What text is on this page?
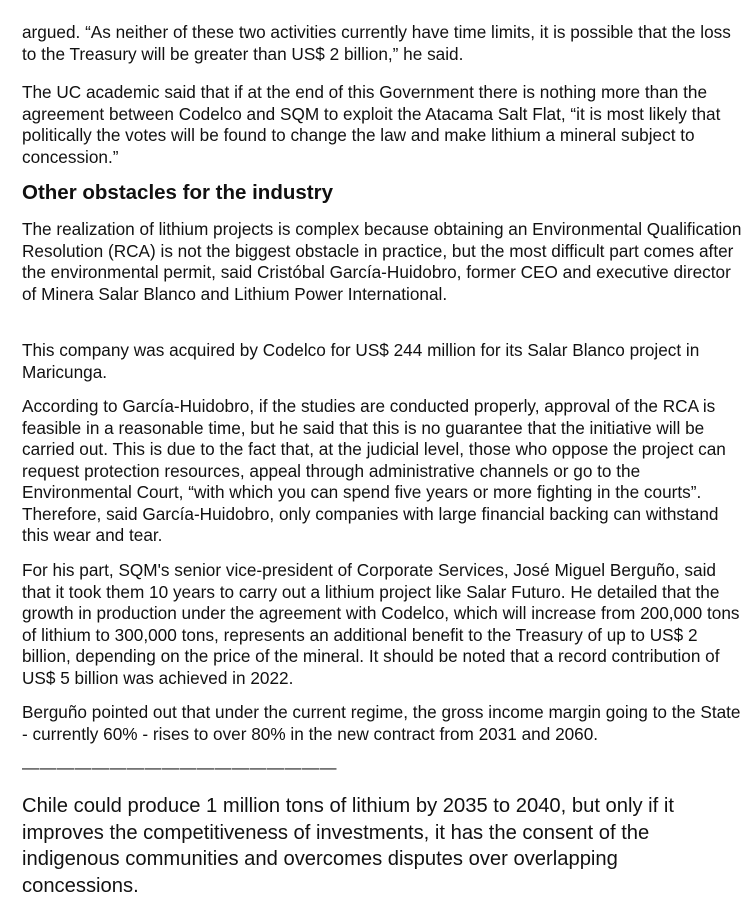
argued. “As neither of these two activities currently have time limits, it is possible that the loss to the Treasury will be greater than US$ 2 billion,” he said.

The UC academic said that if at the end of this Government there is nothing more than the agreement between Codelco and SQM to exploit the Atacama Salt Flat, “it is most likely that politically the votes will be found to change the law and make lithium a mineral subject to concession.”

Other obstacles for the industry

The realization of lithium projects is complex because obtaining an Environmental Qualification Resolution (RCA) is not the biggest obstacle in practice, but the most difficult part comes after the environmental permit, said Cristóbal García-Huidobro, former CEO and executive director of Minera Salar Blanco and Lithium Power International.

This company was acquired by Codelco for US$ 244 million for its Salar Blanco project in Maricunga.

According to García-Huidobro, if the studies are conducted properly, approval of the RCA is feasible in a reasonable time, but he said that this is no guarantee that the initiative will be carried out. This is due to the fact that, at the judicial level, those who oppose the project can request protection resources, appeal through administrative channels or go to the Environmental Court, “with which you can spend five years or more fighting in the courts”. Therefore, said García-Huidobro, only companies with large financial backing can withstand this wear and tear.

For his part, SQM's senior vice-president of Corporate Services, José Miguel Berguño, said that it took them 10 years to carry out a lithium project like Salar Futuro. He detailed that the growth in production under the agreement with Codelco, which will increase from 200,000 tons of lithium to 300,000 tons, represents an additional benefit to the Treasury of up to US$ 2 billion, depending on the price of the mineral. It should be noted that a record contribution of US$ 5 billion was achieved in 2022.

Berguño pointed out that under the current regime, the gross income margin going to the State - currently 60% - rises to over 80% in the new contract from 2031 and 2060.

——————————————————

Chile could produce 1 million tons of lithium by 2035 to 2040, but only if it improves the competitiveness of investments, it has the consent of the indigenous communities and overcomes disputes over overlapping concessions.
